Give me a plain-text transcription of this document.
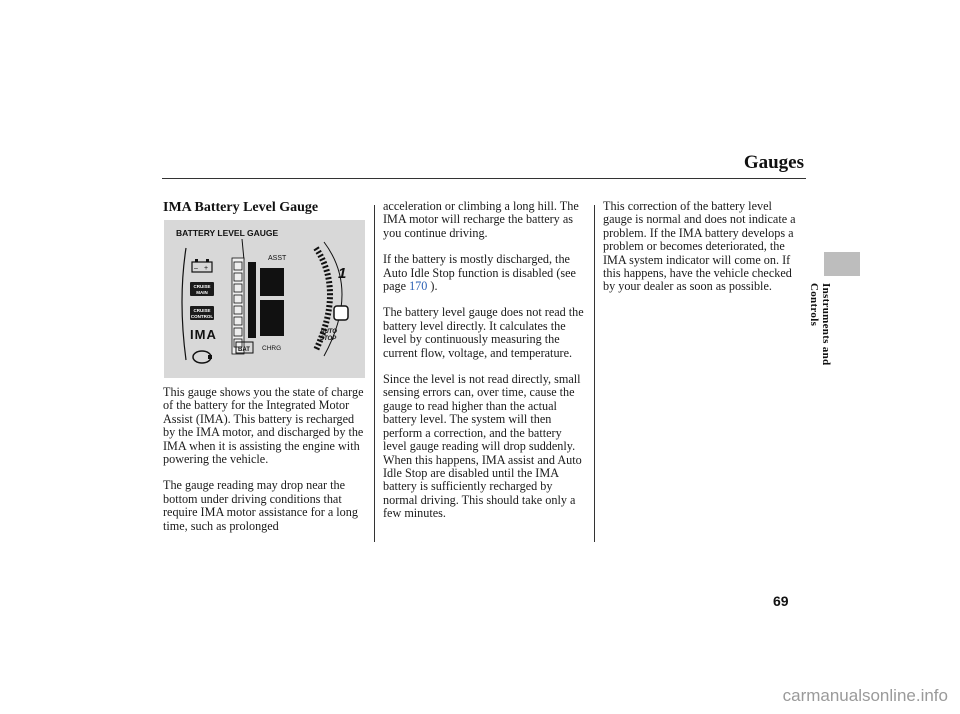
Gauges
Instruments and Controls
IMA Battery Level Gauge
BATTERY LEVEL GAUGE
– +
CRUISE
MAIN
CRUISE
CONTROL
IMA
ASST
BAT CHRG
1
AUTO
STOP

This gauge shows you the state of charge of the battery for the Integrated Motor Assist (IMA). This battery is recharged by the IMA motor, and discharged by the IMA when it is assisting the engine with powering the vehicle.

The gauge reading may drop near the bottom under driving conditions that require IMA motor assistance for a long time, such as prolonged

acceleration or climbing a long hill. The IMA motor will recharge the battery as you continue driving.

If the battery is mostly discharged, the Auto Idle Stop function is disabled (see page 170 ).

The battery level gauge does not read the battery level directly. It calculates the level by continuously measuring the current flow, voltage, and temperature.

Since the level is not read directly, small sensing errors can, over time, cause the gauge to read higher than the actual battery level. The system will then perform a correction, and the battery level gauge reading will drop suddenly. When this happens, IMA assist and Auto Idle Stop are disabled until the IMA battery is sufficiently recharged by normal driving. This should take only a few minutes.

This correction of the battery level gauge is normal and does not indicate a problem. If the IMA battery develops a problem or becomes deteriorated, the IMA system indicator will come on. If this happens, have the vehicle checked by your dealer as soon as possible.

69
carmanualsonline.info
